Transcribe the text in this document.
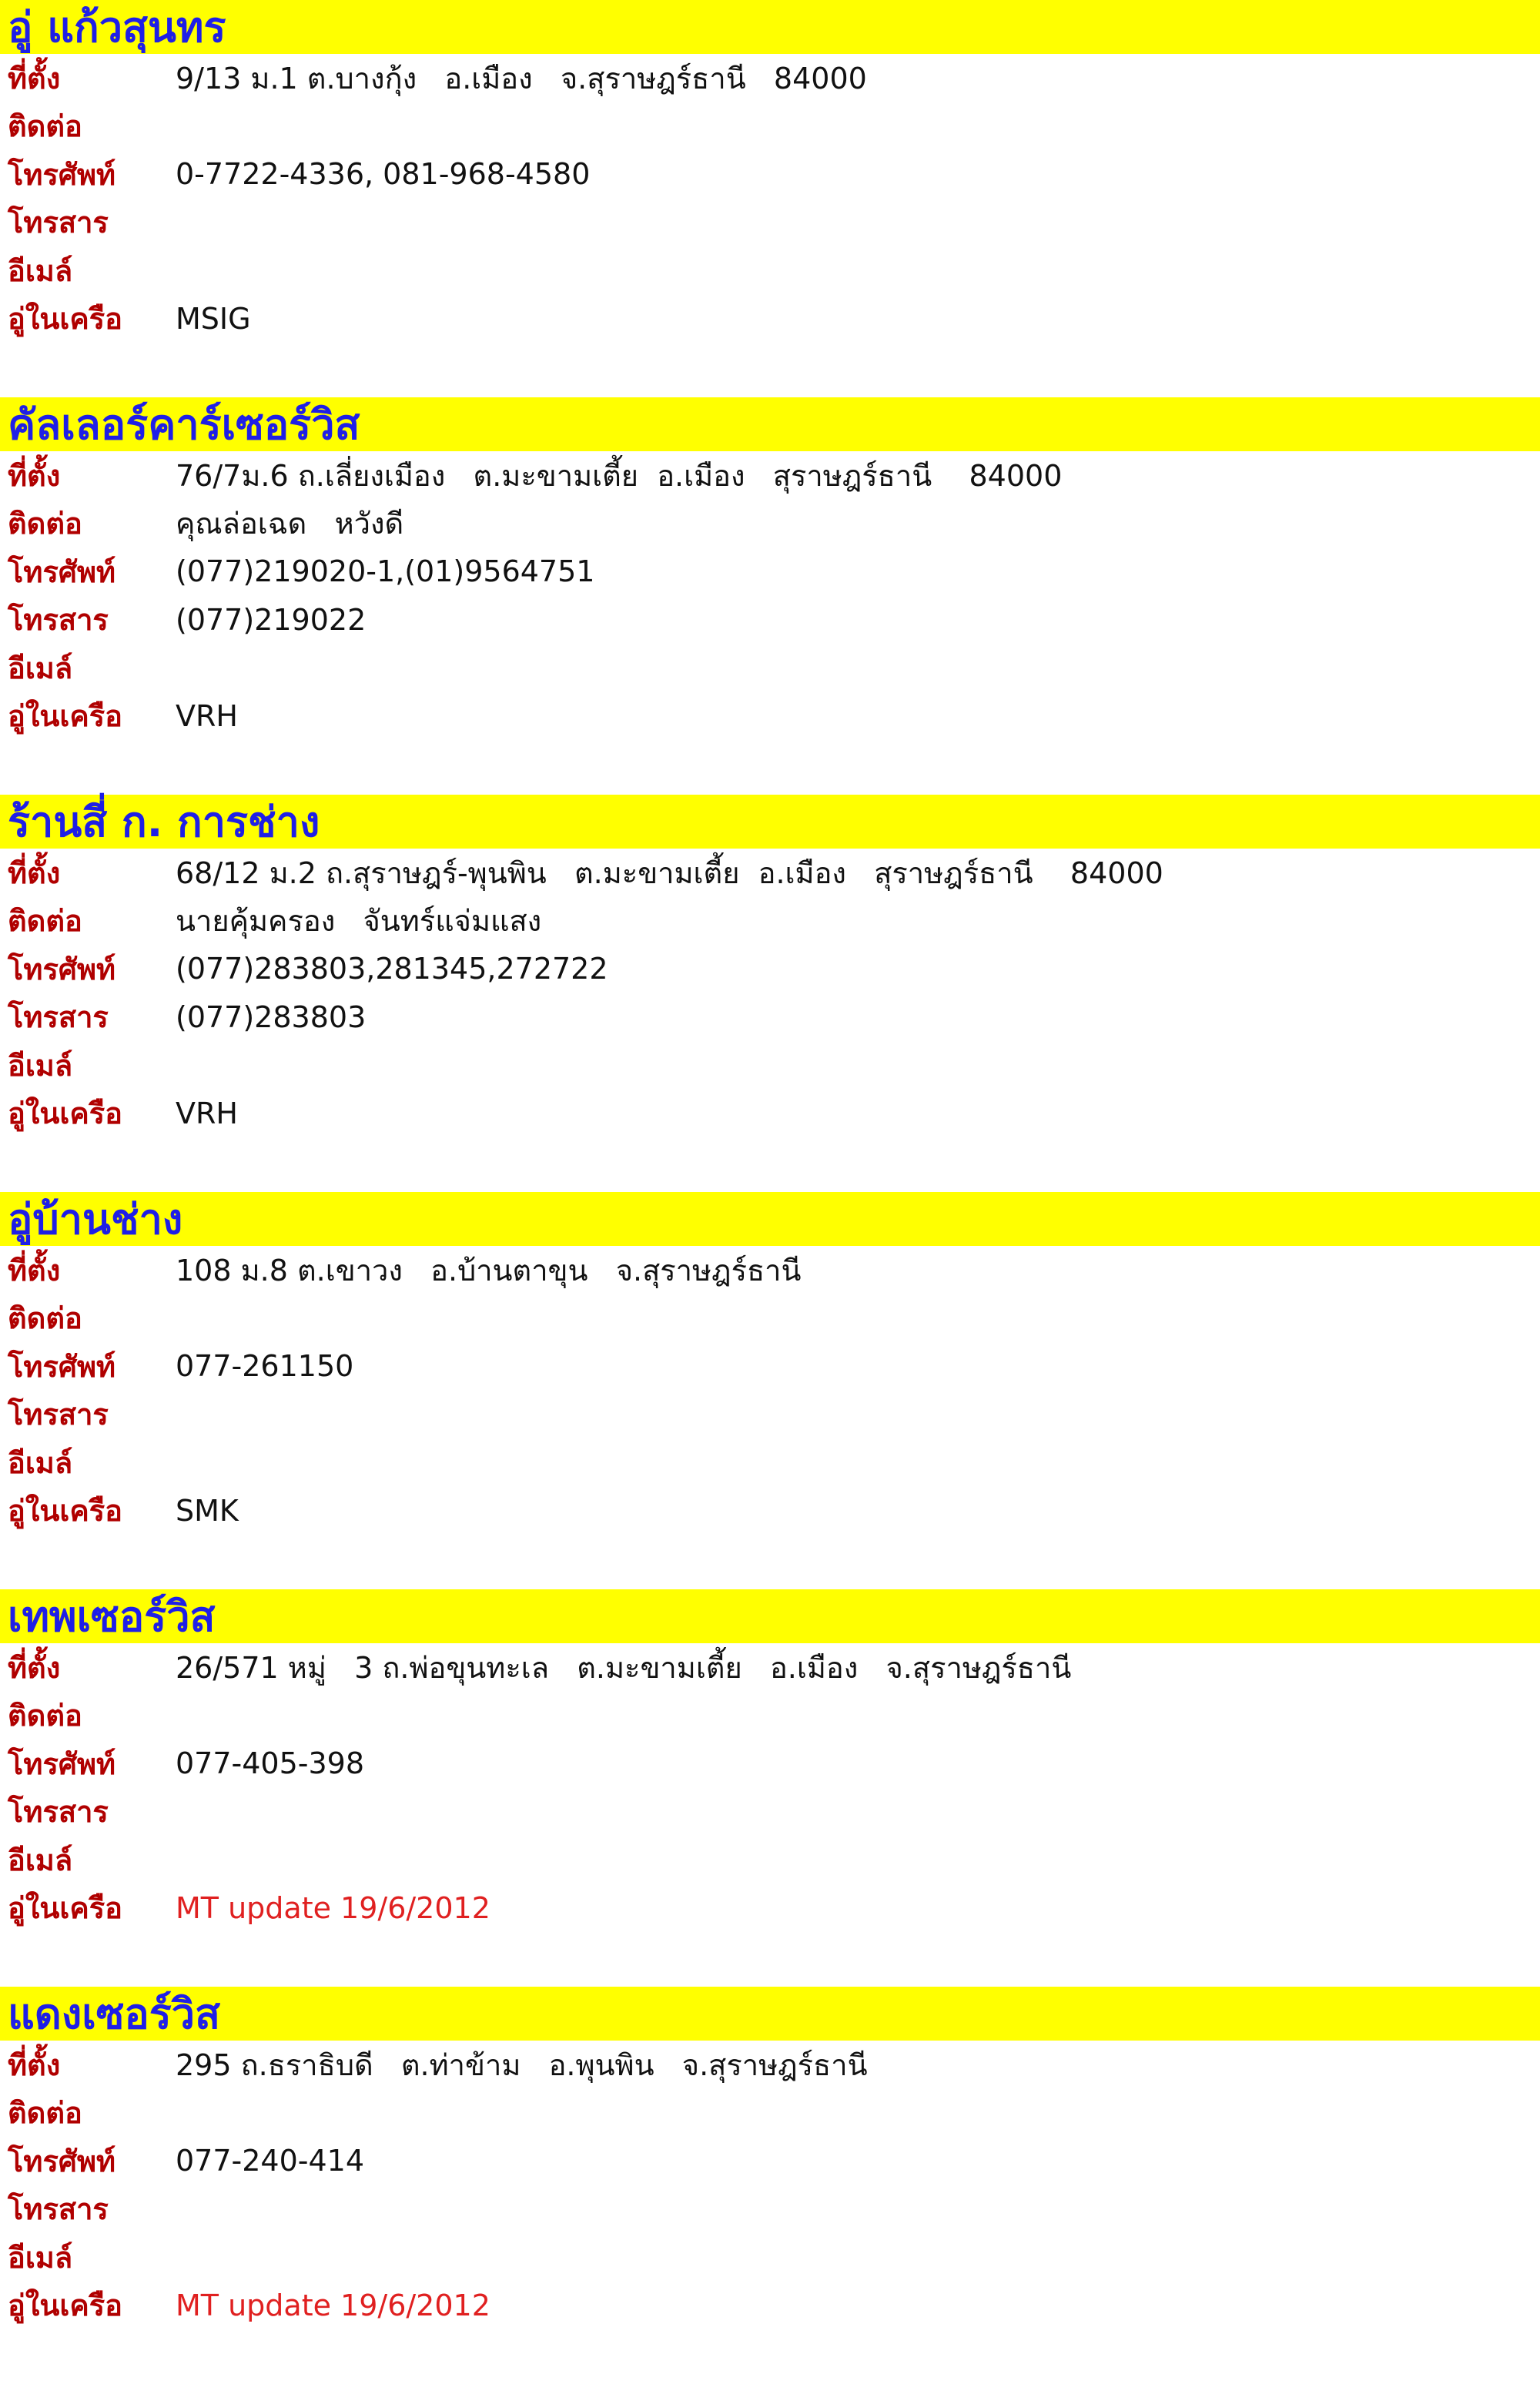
อู่ แก้วสุนทร
ที่ตั้ง	9/13 ม.1 ต.บางกุ้ง   อ.เมือง   จ.สุราษฎร์ธานี   84000
ติดต่อ
โทรศัพท์	0-7722-4336, 081-968-4580
โทรสาร
อีเมล์
อู่ในเครือ	MSIG
คัลเลอร์คาร์เซอร์วิส
ที่ตั้ง	76/7ม.6 ถ.เลี่ยงเมือง   ต.มะขามเตี้ย  อ.เมือง   สุราษฎร์ธานี    84000
ติดต่อ	คุณล่อเฉด   หวังดี
โทรศัพท์	(077)219020-1,(01)9564751
โทรสาร	(077)219022
อีเมล์
อู่ในเครือ	VRH
ร้านสี่ ก. การช่าง
ที่ตั้ง	68/12 ม.2 ถ.สุราษฎร์-พุนพิน   ต.มะขามเตี้ย  อ.เมือง   สุราษฎร์ธานี    84000
ติดต่อ	นายคุ้มครอง   จันทร์แจ่มแสง
โทรศัพท์	(077)283803,281345,272722
โทรสาร	(077)283803
อีเมล์
อู่ในเครือ	VRH
อู่บ้านช่าง
ที่ตั้ง	108 ม.8 ต.เขาวง   อ.บ้านตาขุน   จ.สุราษฎร์ธานี
ติดต่อ
โทรศัพท์	077-261150
โทรสาร
อีเมล์
อู่ในเครือ	SMK
เทพเซอร์วิส
ที่ตั้ง	26/571 หมู่   3 ถ.พ่อขุนทะเล   ต.มะขามเตี้ย   อ.เมือง   จ.สุราษฎร์ธานี
ติดต่อ
โทรศัพท์	077-405-398
โทรสาร
อีเมล์
อู่ในเครือ	MT update 19/6/2012
แดงเซอร์วิส
ที่ตั้ง	295 ถ.ธราธิบดี   ต.ท่าข้าม   อ.พุนพิน   จ.สุราษฎร์ธานี
ติดต่อ
โทรศัพท์	077-240-414
โทรสาร
อีเมล์
อู่ในเครือ	MT update 19/6/2012
